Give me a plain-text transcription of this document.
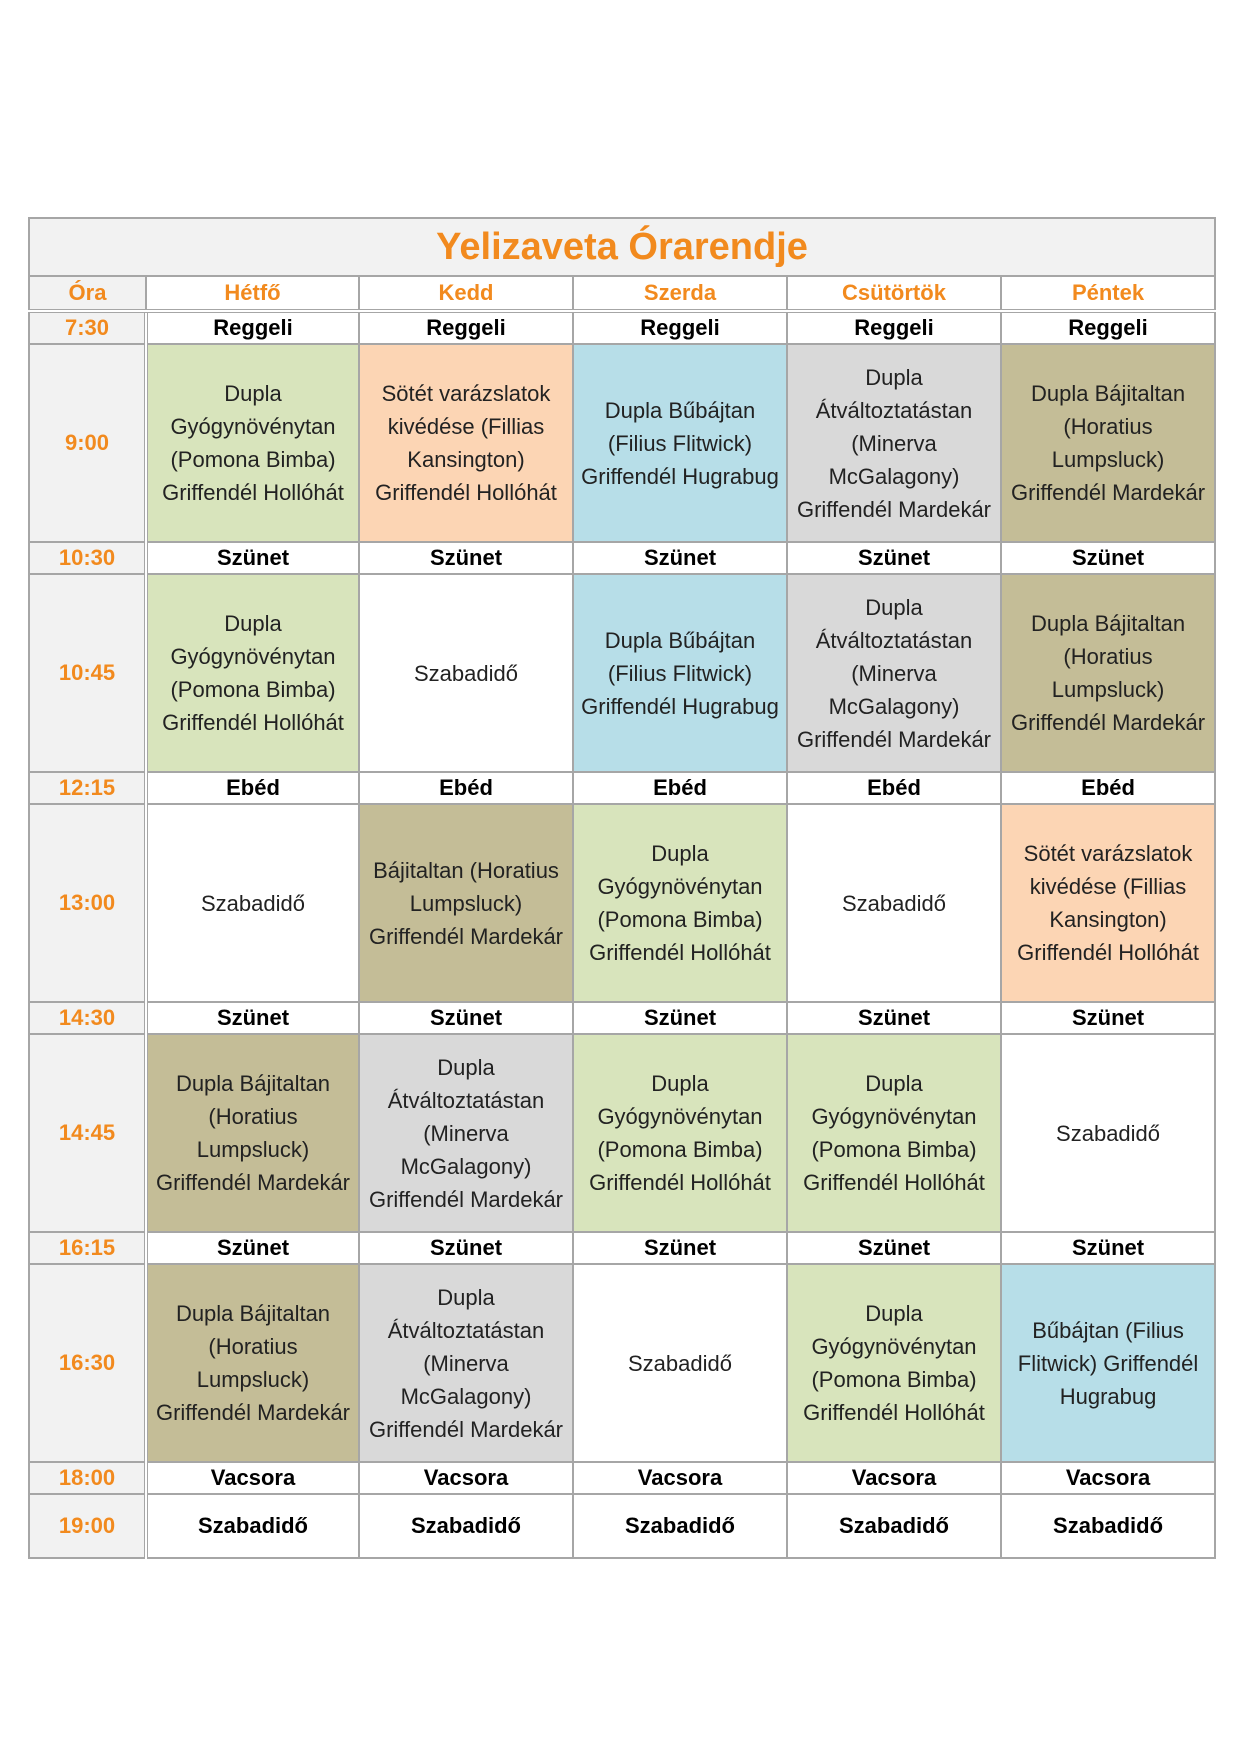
Yelizaveta Órarendje					
Óra	Hétfő	Kedd	Szerda	Csütörtök	Péntek
7:30	Reggeli	Reggeli	Reggeli	Reggeli	Reggeli
9:00	Dupla Gyógynövénytan (Pomona Bimba) Griffendél Hollóhát	Sötét varázslatok kivédése (Fillias Kansington) Griffendél Hollóhát	Dupla Bűbájtan (Filius Flitwick) Griffendél Hugrabug	Dupla Átváltoztatástan (Minerva McGalagony) Griffendél Mardekár	Dupla Bájitaltan (Horatius Lumpsluck) Griffendél Mardekár
10:30	Szünet	Szünet	Szünet	Szünet	Szünet
10:45	Dupla Gyógynövénytan (Pomona Bimba) Griffendél Hollóhát	Szabadidő	Dupla Bűbájtan (Filius Flitwick) Griffendél Hugrabug	Dupla Átváltoztatástan (Minerva McGalagony) Griffendél Mardekár	Dupla Bájitaltan (Horatius Lumpsluck) Griffendél Mardekár
12:15	Ebéd	Ebéd	Ebéd	Ebéd	Ebéd
13:00	Szabadidő	Bájitaltan (Horatius Lumpsluck) Griffendél Mardekár	Dupla Gyógynövénytan (Pomona Bimba) Griffendél Hollóhát	Szabadidő	Sötét varázslatok kivédése (Fillias Kansington) Griffendél Hollóhát
14:30	Szünet	Szünet	Szünet	Szünet	Szünet
14:45	Dupla Bájitaltan (Horatius Lumpsluck) Griffendél Mardekár	Dupla Átváltoztatástan (Minerva McGalagony) Griffendél Mardekár	Dupla Gyógynövénytan (Pomona Bimba) Griffendél Hollóhát	Dupla Gyógynövénytan (Pomona Bimba) Griffendél Hollóhát	Szabadidő
16:15	Szünet	Szünet	Szünet	Szünet	Szünet
16:30	Dupla Bájitaltan (Horatius Lumpsluck) Griffendél Mardekár	Dupla Átváltoztatástan (Minerva McGalagony) Griffendél Mardekár	Szabadidő	Dupla Gyógynövénytan (Pomona Bimba) Griffendél Hollóhát	Bűbájtan (Filius Flitwick) Griffendél Hugrabug
18:00	Vacsora	Vacsora	Vacsora	Vacsora	Vacsora
19:00	Szabadidő	Szabadidő	Szabadidő	Szabadidő	Szabadidő
